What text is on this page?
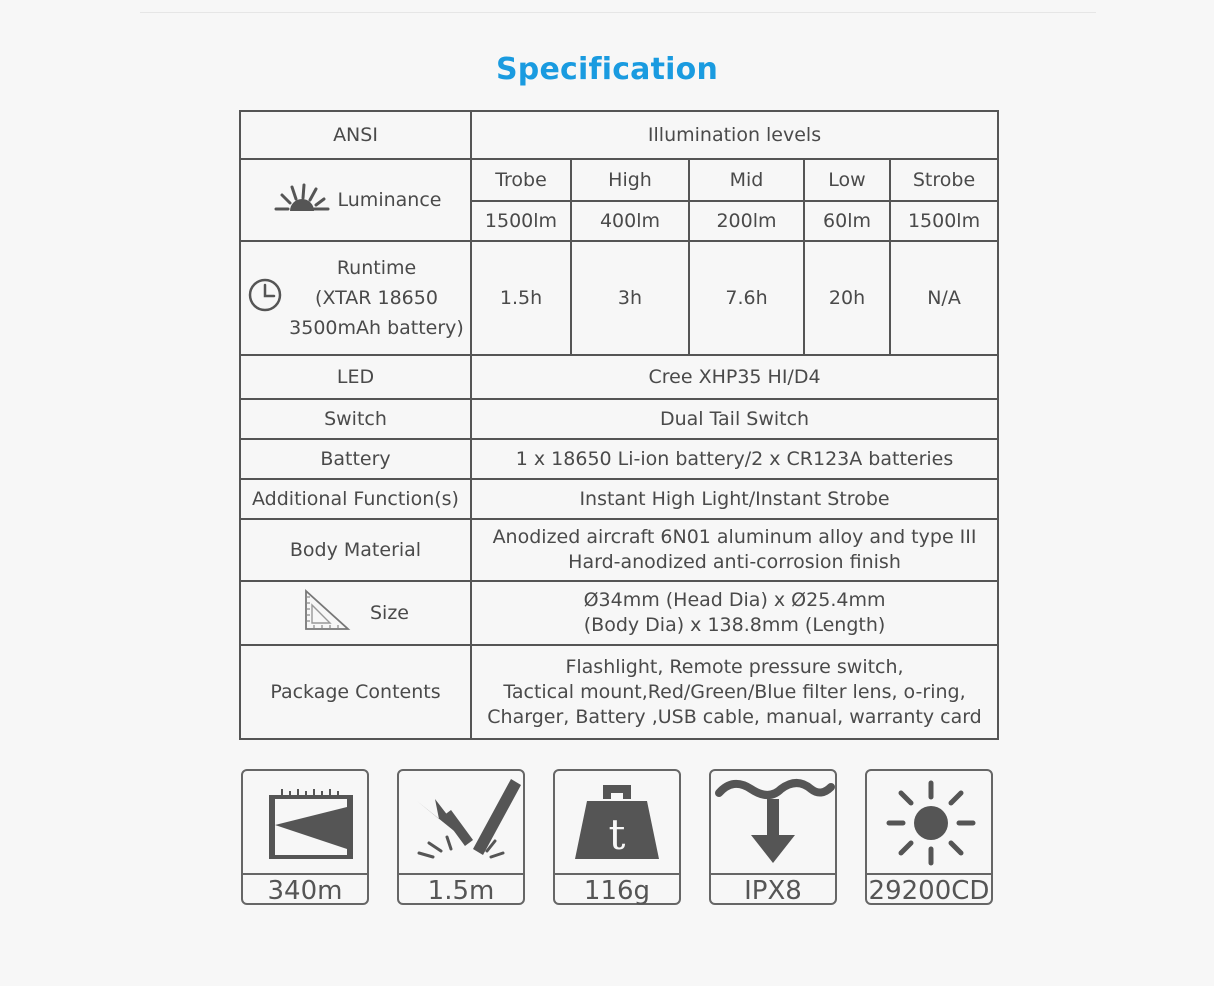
Specification
ANSI	Illumination levels				

Luminance	Trobe	High	Mid	Low	Strobe
	1500lm	400lm	200lm	60lm	1500lm

Runtime
(XTAR 18650
3500mAh battery)	1.5h	3h	7.6h	20h	N/A
LED	Cree XHP35 HI/D4				
Switch	Dual Tail Switch				
Battery	1 x 18650 Li-ion battery/2 x CR123A batteries				
Additional Function(s)	Instant High Light/Instant Strobe				
Body Material	Anodized aircraft 6N01 aluminum alloy and type III
Hard-anodized anti-corrosion finish				

Size	Ø34mm (Head Dia) x Ø25.4mm
(Body Dia) x 138.8mm (Length)				

Package Contents	Flashlight, Remote pressure switch,
Tactical mount,Red/Green/Blue filter lens, o-ring,
Charger, Battery ,USB cable, manual, warranty card				
340m	1.5m
t
116g	IPX8	29200CD
